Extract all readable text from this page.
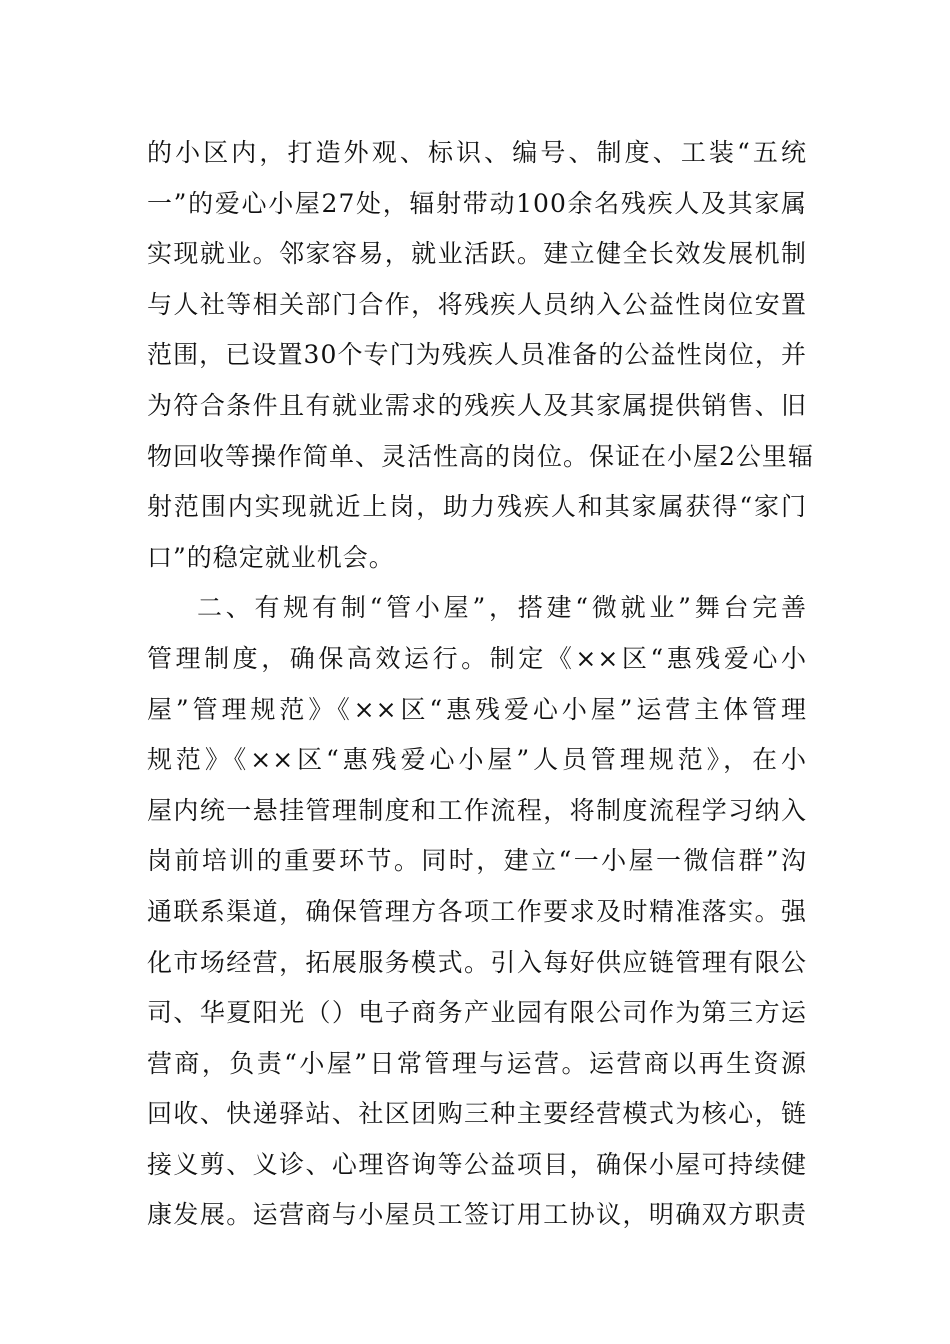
的小区内，打造外观、标识、编号、制度、工装“五统
一”的爱心小屋27处，辐射带动100余名残疾人及其家属
实现就业。邻家容易，就业活跃。建立健全长效发展机制
与人社等相关部门合作，将残疾人员纳入公益性岗位安置
范围，已设置30个专门为残疾人员准备的公益性岗位，并
为符合条件且有就业需求的残疾人及其家属提供销售、旧
物回收等操作简单、灵活性高的岗位。保证在小屋2公里辐
射范围内实现就近上岗，助力残疾人和其家属获得“家门
口”的稳定就业机会。
二、有规有制“管小屋”，搭建“微就业”舞台完善
管理制度，确保高效运行。制定《××区“惠残爱心小
屋”管理规范》《××区“惠残爱心小屋”运营主体管理
规范》《××区“惠残爱心小屋”人员管理规范》，在小
屋内统一悬挂管理制度和工作流程，将制度流程学习纳入
岗前培训的重要环节。同时，建立“一小屋一微信群”沟
通联系渠道，确保管理方各项工作要求及时精准落实。强
化市场经营，拓展服务模式。引入每好供应链管理有限公
司、华夏阳光（）电子商务产业园有限公司作为第三方运
营商，负责“小屋”日常管理与运营。运营商以再生资源
回收、快递驿站、社区团购三种主要经营模式为核心，链
接义剪、义诊、心理咨询等公益项目，确保小屋可持续健
康发展。运营商与小屋员工签订用工协议，明确双方职责
